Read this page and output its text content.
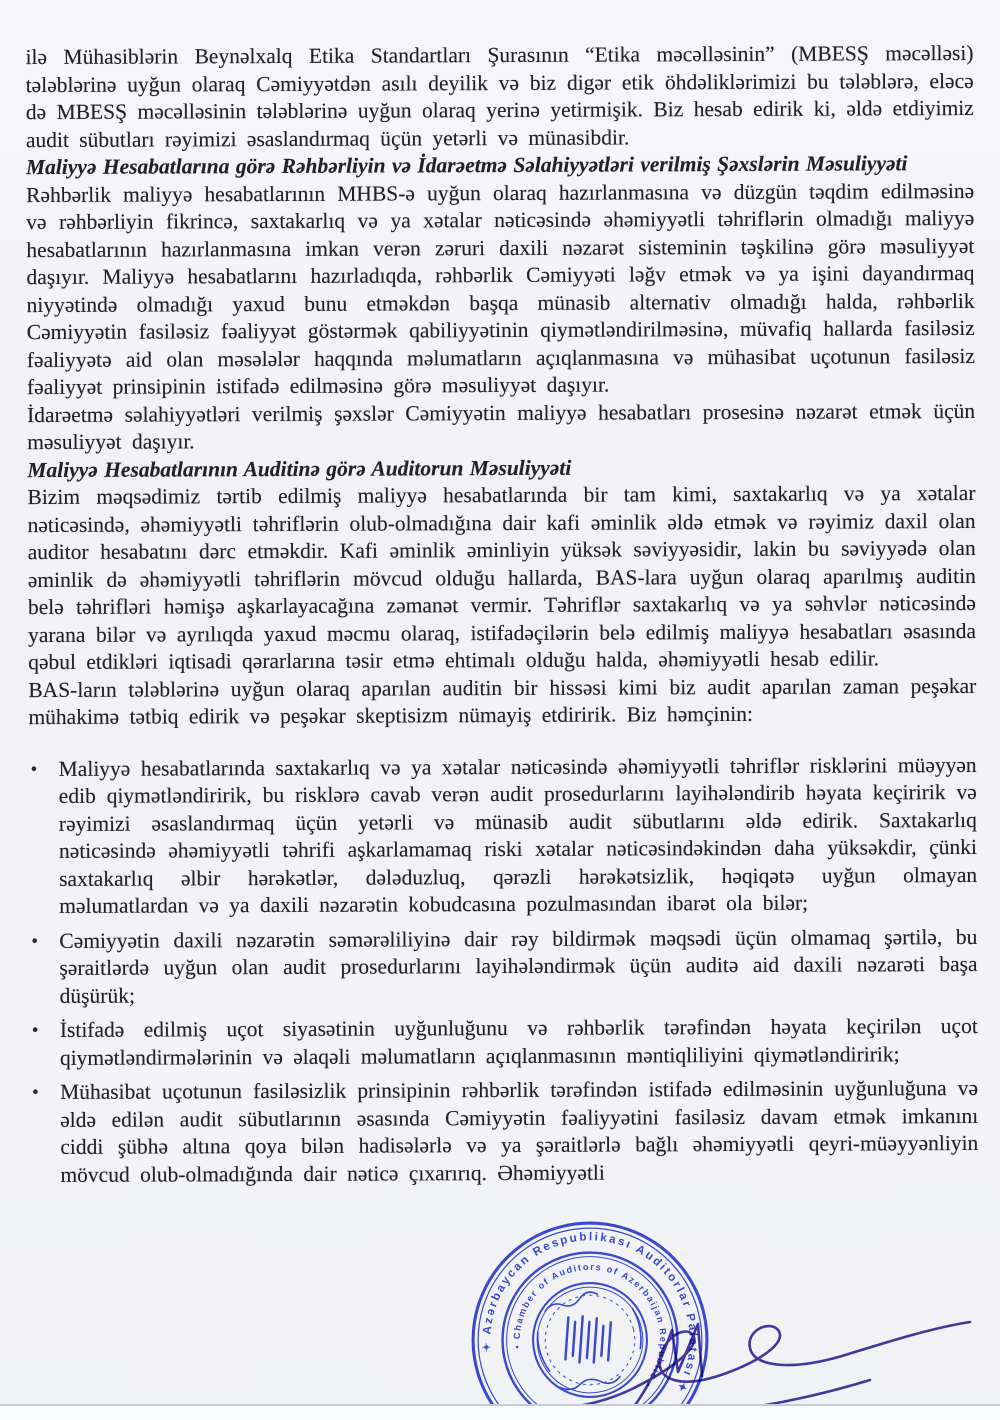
ilə Mühasiblərin Beynəlxalq Etika Standartları Şurasının “Etika məcəlləsinin” (MBESŞ məcəlləsi) tələblərinə uyğun olaraq Cəmiyyətdən asılı deyilik və biz digər etik öhdəliklərimizi bu tələblərə, eləcə də MBESŞ məcəlləsinin tələblərinə uyğun olaraq yerinə yetirmişik. Biz hesab edirik ki, əldə etdiyimiz audit sübutları rəyimizi əsaslandırmaq üçün yetərli və münasibdir.

Maliyyə Hesabatlarına görə Rəhbərliyin və İdarəetmə Səlahiyyətləri verilmiş Şəxslərin Məsuliyyəti

Rəhbərlik maliyyə hesabatlarının MHBS-ə uyğun olaraq hazırlanmasına və düzgün təqdim edilməsinə və rəhbərliyin fikrincə, saxtakarlıq və ya xətalar nəticəsində əhəmiyyətli təhriflərin olmadığı maliyyə hesabatlarının hazırlanmasına imkan verən zəruri daxili nəzarət sisteminin təşkilinə görə məsuliyyət daşıyır. Maliyyə hesabatlarını hazırladıqda, rəhbərlik Cəmiyyəti ləğv etmək və ya işini dayandırmaq niyyətində olmadığı yaxud bunu etməkdən başqa münasib alternativ olmadığı halda, rəhbərlik Cəmiyyətin fasiləsiz fəaliyyət göstərmək qabiliyyətinin qiymətləndirilməsinə, müvafiq hallarda fasiləsiz fəaliyyətə aid olan məsələlər haqqında məlumatların açıqlanmasına və mühasibat uçotunun fasiləsiz fəaliyyət prinsipinin istifadə edilməsinə görə məsuliyyət daşıyır.

İdarəetmə səlahiyyətləri verilmiş şəxslər Cəmiyyətin maliyyə hesabatları prosesinə nəzarət etmək üçün məsuliyyət daşıyır.

Maliyyə Hesabatlarının Auditinə görə Auditorun Məsuliyyəti

Bizim məqsədimiz tərtib edilmiş maliyyə hesabatlarında bir tam kimi, saxtakarlıq və ya xətalar nəticəsində, əhəmiyyətli təhriflərin olub-olmadığına dair kafi əminlik əldə etmək və rəyimiz daxil olan auditor hesabatını dərc etməkdir. Kafi əminlik əminliyin yüksək səviyyəsidir, lakin bu səviyyədə olan əminlik də əhəmiyyətli təhriflərin mövcud olduğu hallarda, BAS-lara uyğun olaraq aparılmış auditin belə təhrifləri həmişə aşkarlayacağına zəmanət vermir. Təhriflər saxtakarlıq və ya səhvlər nəticəsində yarana bilər və ayrılıqda yaxud məcmu olaraq, istifadəçilərin belə edilmiş maliyyə hesabatları əsasında qəbul etdikləri iqtisadi qərarlarına təsir etmə ehtimalı olduğu halda, əhəmiyyətli hesab edilir.

BAS-ların tələblərinə uyğun olaraq aparılan auditin bir hissəsi kimi biz audit aparılan zaman peşəkar mühakimə tətbiq edirik və peşəkar skeptisizm nümayiş etdiririk. Biz həmçinin:

• Maliyyə hesabatlarında saxtakarlıq və ya xətalar nəticəsində əhəmiyyətli təhriflər risklərini müəyyən edib qiymətləndiririk, bu risklərə cavab verən audit prosedurlarını layihələndirib həyata keçiririk və rəyimizi əsaslandırmaq üçün yetərli və münasib audit sübutlarını əldə edirik. Saxtakarlıq nəticəsində əhəmiyyətli təhrifi aşkarlamamaq riski xətalar nəticəsindəkindən daha yüksəkdir, çünki saxtakarlıq əlbir hərəkətlər, dələduzluq, qərəzli hərəkətsizlik, həqiqətə uyğun olmayan məlumatlardan və ya daxili nəzarətin kobudcasına pozulmasından ibarət ola bilər;
• Cəmiyyətin daxili nəzarətin səmərəliliyinə dair rəy bildirmək məqsədi üçün olmamaq şərtilə, bu şəraitlərdə uyğun olan audit prosedurlarını layihələndirmək üçün auditə aid daxili nəzarəti başa düşürük;
• İstifadə edilmiş uçot siyasətinin uyğunluğunu və rəhbərlik tərəfindən həyata keçirilən uçot qiymətləndirmələrinin və əlaqəli məlumatların açıqlanmasının məntiqliliyini qiymətləndiririk;
• Mühasibat uçotunun fasiləsizlik prinsipinin rəhbərlik tərəfindən istifadə edilməsinin uyğunluğuna və əldə edilən audit sübutlarının əsasında Cəmiyyətin fəaliyyətini fasiləsiz davam etmək imkanını ciddi şübhə altına qoya bilən hadisələrlə və ya şəraitlərlə bağlı əhəmiyyətli qeyri-müəyyənliyin mövcud olub-olmadığında dair nəticə çıxarırıq. Əhəmiyyətli
✦ Azərbaycan Respublikası Auditorlar Palatası ✦
• Chamber of Auditors of Azerbaijan Republic •
